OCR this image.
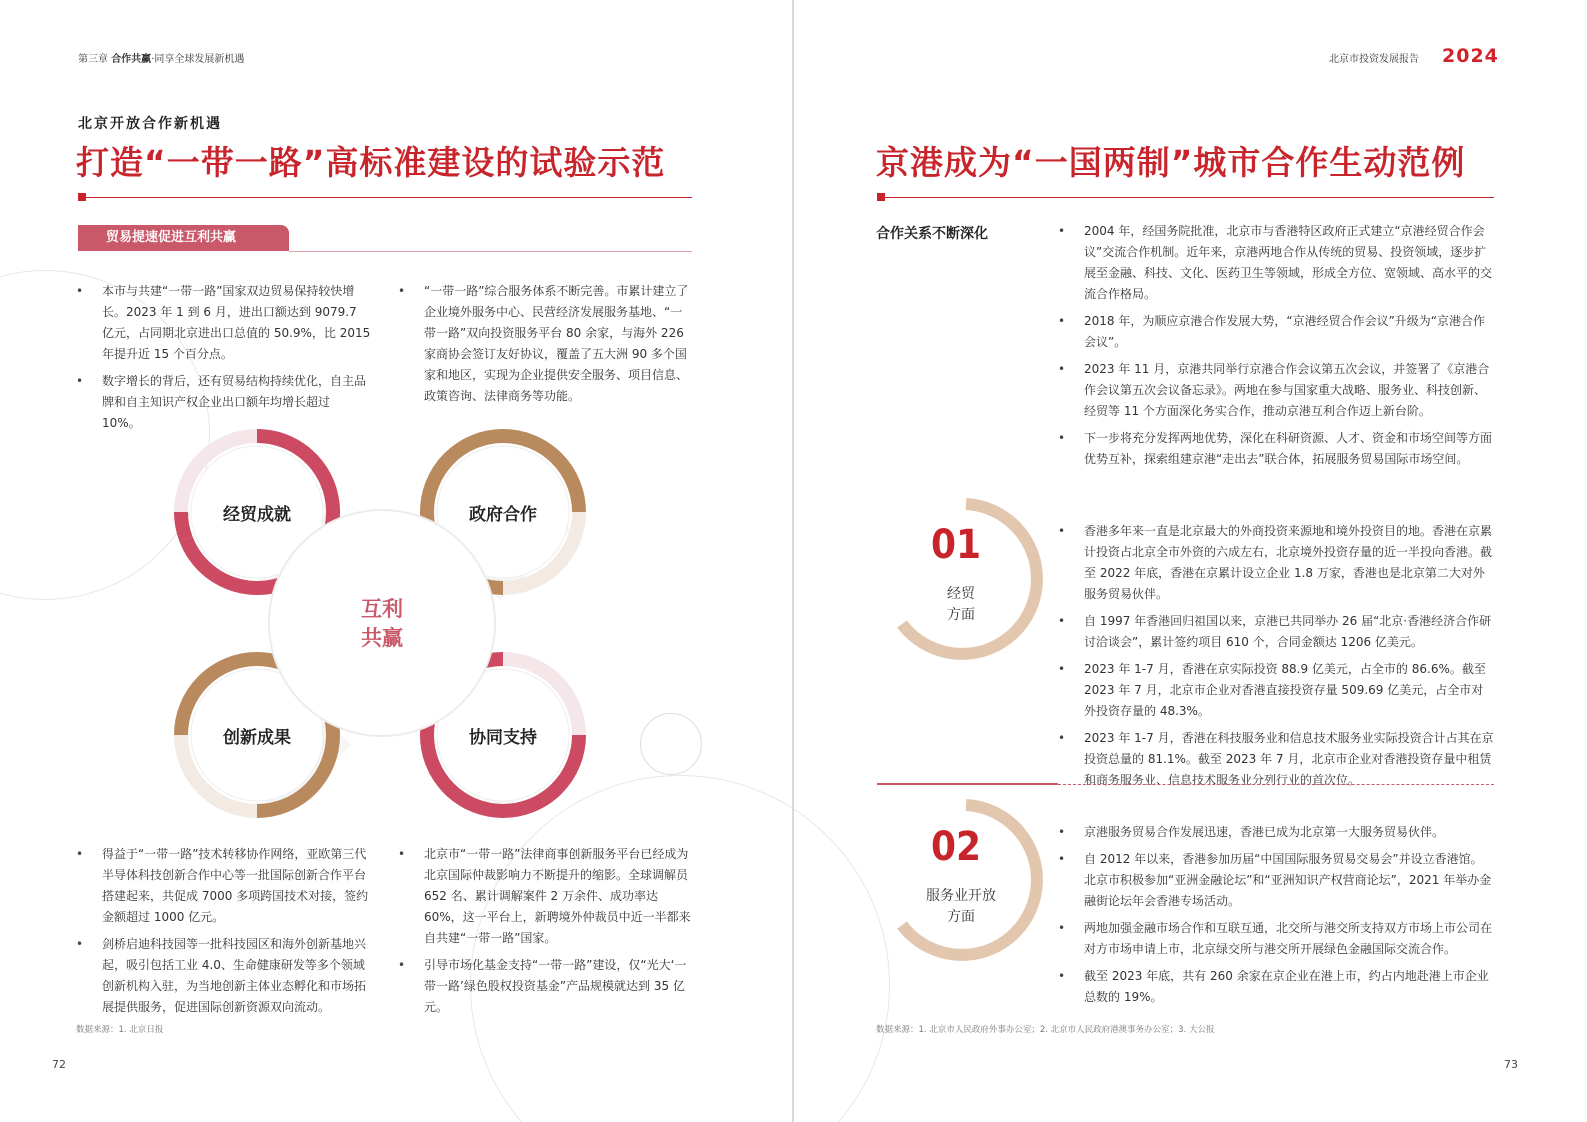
第三章 合作共赢·同享全球发展新机遇
北京开放合作新机遇
打造“一带一路”高标准建设的试验示范
贸易提速促进互利共赢
• 本市与共建“一带一路”国家双边贸易保持较快增长。2023 年 1 到 6 月，进出口额达到 9079.7 亿元，占同期北京进出口总值的 50.9%，比 2015 年提升近 15 个百分点。
• 数字增长的背后，还有贸易结构持续优化，自主品牌和自主知识产权企业出口额年均增长超过 10%。
• “一带一路”综合服务体系不断完善。市累计建立了企业境外服务中心、民营经济发展服务基地、“一带一路”双向投资服务平台 80 余家，与海外 226 家商协会签订友好协议，覆盖了五大洲 90 多个国家和地区，实现为企业提供安全服务、项目信息、政策咨询、法律商务等功能。
经贸成就	政府合作
创新成果	协同支持
互利
共赢
• 得益于“一带一路”技术转移协作网络，亚欧第三代半导体科技创新合作中心等一批国际创新合作平台搭建起来，共促成 7000 多项跨国技术对接，签约金额超过 1000 亿元。
• 剑桥启迪科技园等一批科技园区和海外创新基地兴起，吸引包括工业 4.0、生命健康研发等多个领域创新机构入驻，为当地创新主体业态孵化和市场拓展提供服务，促进国际创新资源双向流动。
• 北京市“一带一路”法律商事创新服务平台已经成为北京国际仲裁影响力不断提升的缩影。全球调解员 652 名、累计调解案件 2 万余件、成功率达 60%，这一平台上，新聘境外仲裁员中近一半都来自共建“一带一路”国家。
• 引导市场化基金支持“一带一路”建设，仅“光大‘一带一路’绿色股权投资基金”产品规模就达到 35 亿元。
数据来源：1. 北京日报
72
北京市投资发展报告 2024
京港成为“一国两制”城市合作生动范例
合作关系不断深化
•	2004 年，经国务院批准，北京市与香港特区政府正式建立“京港经贸合作会议”交流合作机制。近年来，京港两地合作从传统的贸易、投资领域，逐步扩展至金融、科技、文化、医药卫生等领域，形成全方位、宽领域、高水平的交流合作格局。
• 2018 年，为顺应京港合作发展大势，“京港经贸合作会议”升级为“京港合作会议”。
• 2023 年 11 月，京港共同举行京港合作会议第五次会议，并签署了《京港合作会议第五次会议备忘录》。两地在参与国家重大战略、服务业、科技创新、经贸等 11 个方面深化务实合作，推动京港互利合作迈上新台阶。
• 下一步将充分发挥两地优势，深化在科研资源、人才、资金和市场空间等方面优势互补，探索组建京港“走出去”联合体，拓展服务贸易国际市场空间。
01
经贸
方面
• 香港多年来一直是北京最大的外商投资来源地和境外投资目的地。香港在京累计投资占北京全市外资的六成左右，北京境外投资存量的近一半投向香港。截至 2022 年底，香港在京累计设立企业 1.8 万家，香港也是北京第二大对外服务贸易伙伴。
• 自 1997 年香港回归祖国以来，京港已共同举办 26 届“北京·香港经济合作研讨洽谈会”，累计签约项目 610 个，合同金额达 1206 亿美元。
• 2023 年 1-7 月，香港在京实际投资 88.9 亿美元，占全市的 86.6%。截至 2023 年 7 月，北京市企业对香港直接投资存量 509.69 亿美元，占全市对外投资存量的 48.3%。
• 2023 年 1-7 月，香港在科技服务业和信息技术服务业实际投资合计占其在京投资总量的 81.1%。截至 2023 年 7 月，北京市企业对香港投资存量中租赁和商务服务业、信息技术服务业分列行业的首次位。
02
服务业开放
方面
• 京港服务贸易合作发展迅速，香港已成为北京第一大服务贸易伙伴。
• 自 2012 年以来，香港参加历届“中国国际服务贸易交易会”并设立香港馆。北京市积极参加“亚洲金融论坛”和“亚洲知识产权营商论坛”，2021 年举办金融街论坛年会香港专场活动。
• 两地加强金融市场合作和互联互通，北交所与港交所支持双方市场上市公司在对方市场申请上市，北京绿交所与港交所开展绿色金融国际交流合作。
• 截至 2023 年底，共有 260 余家在京企业在港上市，约占内地赴港上市企业总数的 19%。
数据来源：1. 北京市人民政府外事办公室；2. 北京市人民政府港澳事务办公室；3. 大公报
73
